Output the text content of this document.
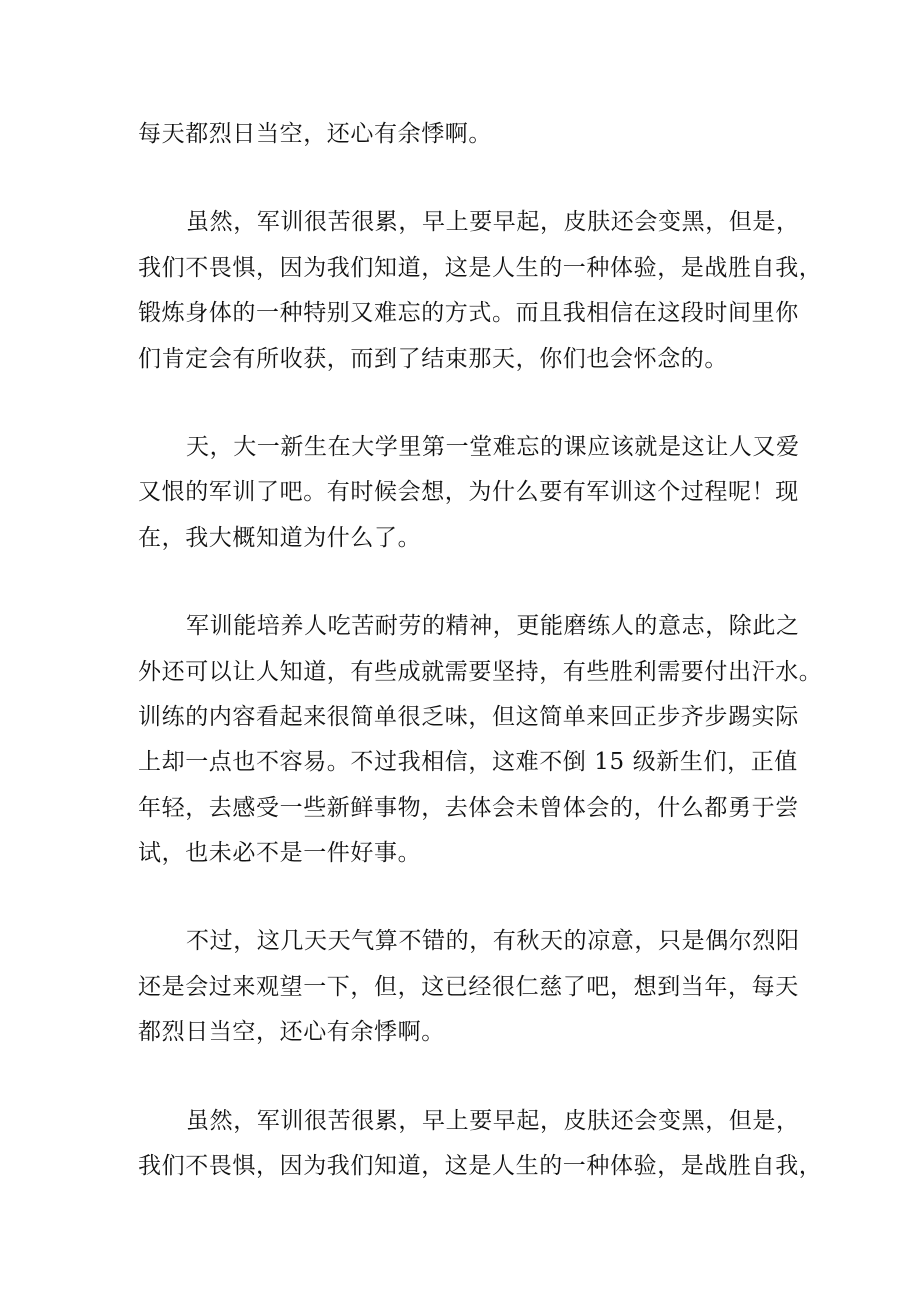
每天都烈日当空，还心有余悸啊。
虽然，军训很苦很累，早上要早起，皮肤还会变黑，但是，
我们不畏惧，因为我们知道，这是人生的一种体验，是战胜自我，
锻炼身体的一种特别又难忘的方式。而且我相信在这段时间里你
们肯定会有所收获，而到了结束那天，你们也会怀念的。
天，大一新生在大学里第一堂难忘的课应该就是这让人又爱
又恨的军训了吧。有时候会想，为什么要有军训这个过程呢！现
在，我大概知道为什么了。
军训能培养人吃苦耐劳的精神，更能磨练人的意志，除此之
外还可以让人知道，有些成就需要坚持，有些胜利需要付出汗水。
训练的内容看起来很简单很乏味，但这简单来回正步齐步踢实际
上却一点也不容易。不过我相信，这难不倒 15 级新生们，正值
年轻，去感受一些新鲜事物，去体会未曾体会的，什么都勇于尝
试，也未必不是一件好事。
不过，这几天天气算不错的，有秋天的凉意，只是偶尔烈阳
还是会过来观望一下，但，这已经很仁慈了吧，想到当年，每天
都烈日当空，还心有余悸啊。
虽然，军训很苦很累，早上要早起，皮肤还会变黑，但是，
我们不畏惧，因为我们知道，这是人生的一种体验，是战胜自我，
